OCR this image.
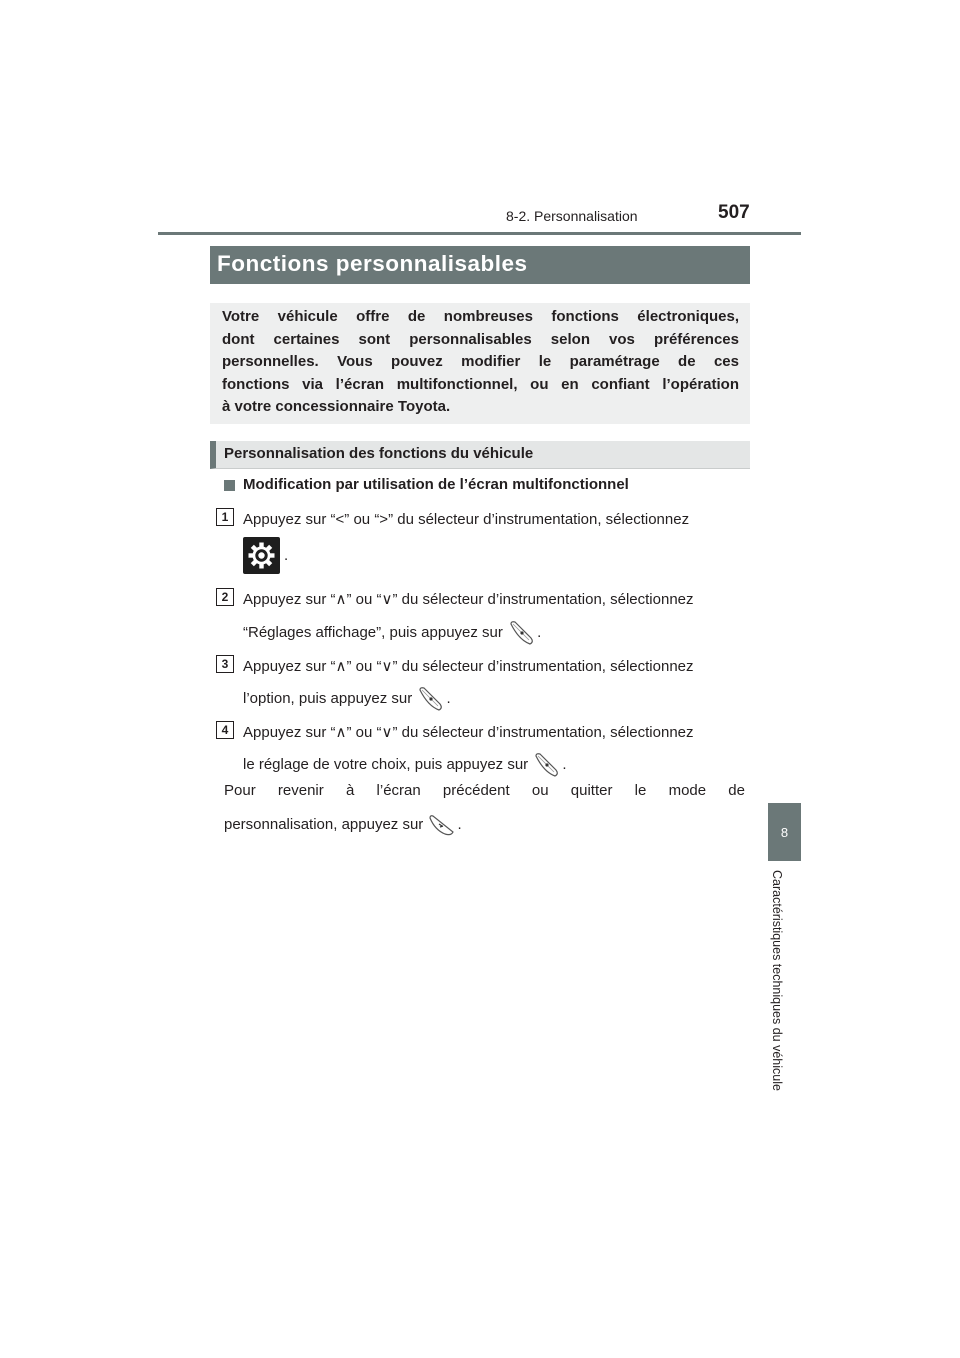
8-2. Personnalisation	507
8
Caractéristiques techniques du véhicule
Fonctions personnalisables

Votre véhicule offre de nombreuses fonctions électroniques,
dont certaines sont personnalisables selon vos préférences
personnelles. Vous pouvez modifier le paramétrage de ces
fonctions via l’écran multifonctionnel, ou en confiant l’opération
à votre concessionnaire Toyota.

Personnalisation des fonctions du véhicule
Modification par utilisation de l’écran multifonctionnel
1 Appuyez sur “<” ou “>” du sélecteur d’instrumentation, sélectionnez
.
2 Appuyez sur “∧” ou “∨” du sélecteur d’instrumentation, sélectionnez
“Réglages affichage”, puis appuyez sur .
3 Appuyez sur “∧” ou “∨” du sélecteur d’instrumentation, sélectionnez
l’option, puis appuyez sur .
4 Appuyez sur “∧” ou “∨” du sélecteur d’instrumentation, sélectionnez
le réglage de votre choix, puis appuyez sur .
Pour revenir à l’écran précédent ou quitter le mode de
personnalisation, appuyez sur .
